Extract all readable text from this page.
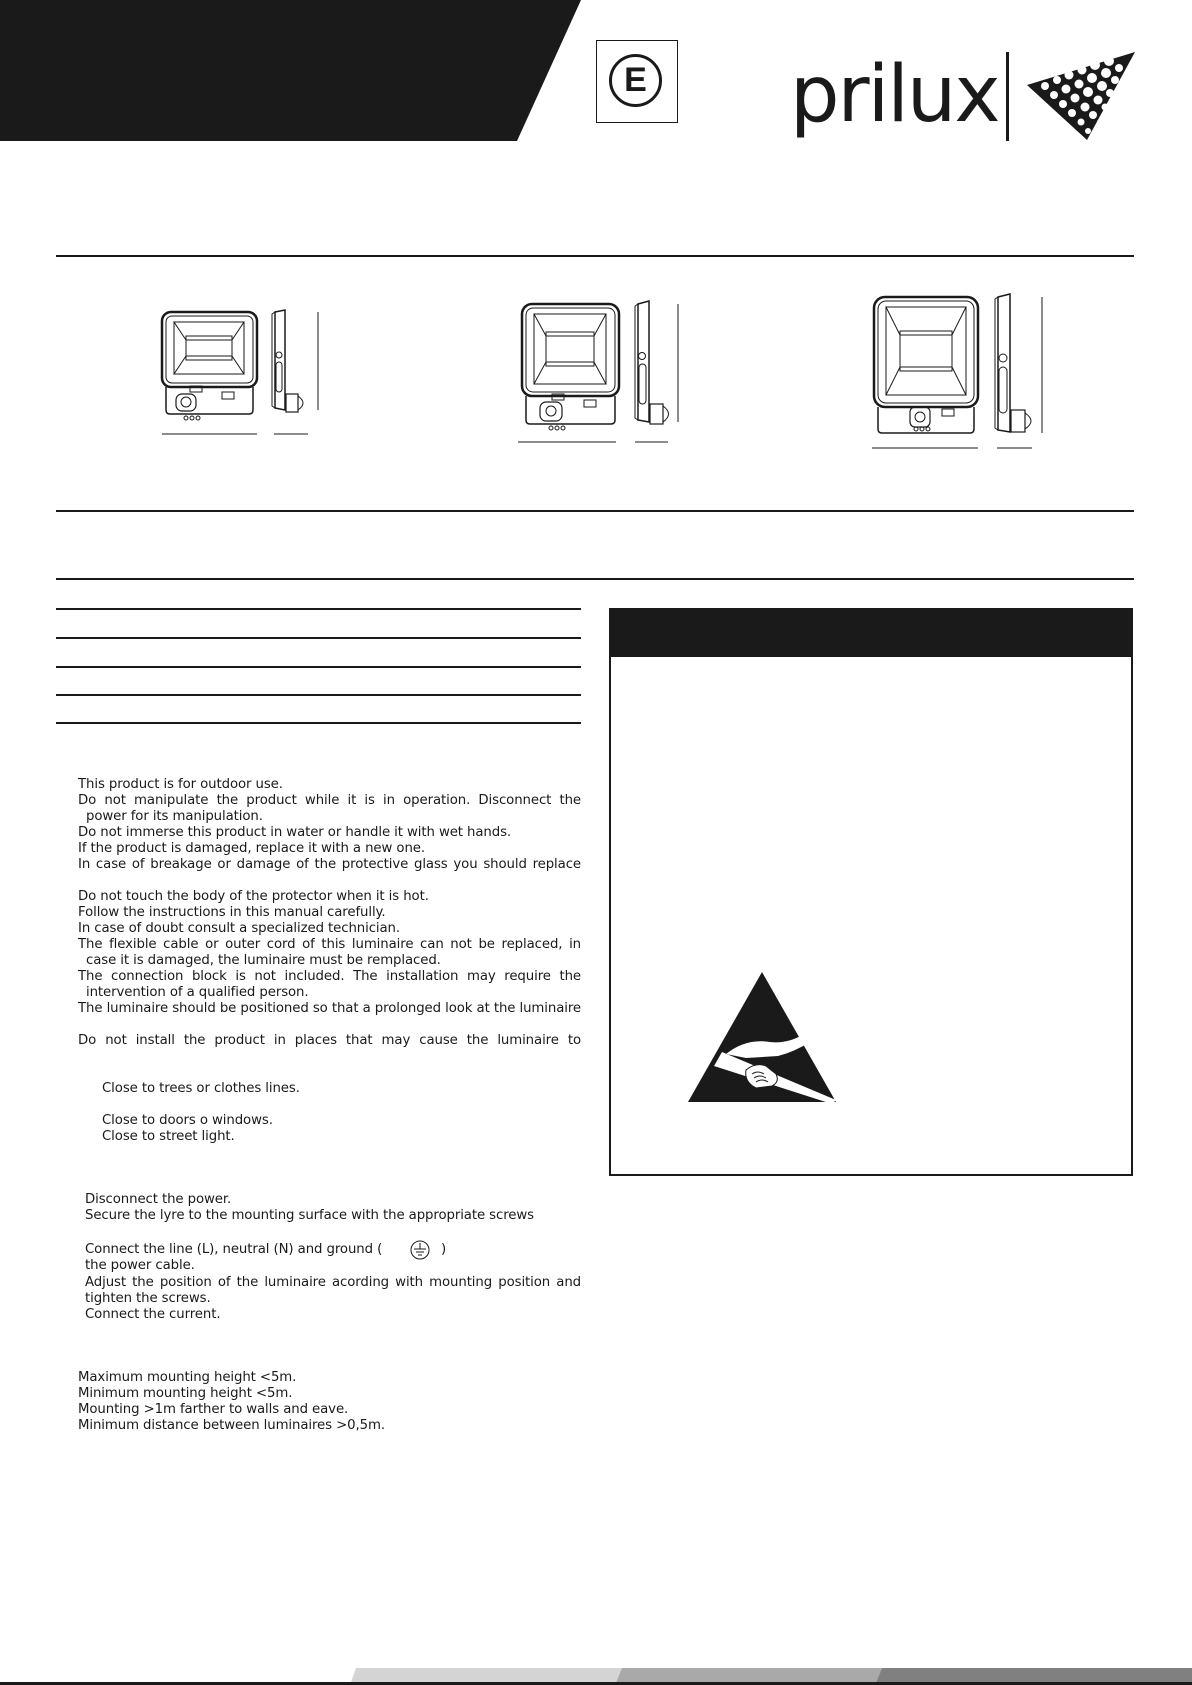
E prilux
This product is for outdoor use.
Do not manipulate the product while it is in operation. Disconnect the
power for its manipulation.
Do not immerse this product in water or handle it with wet hands.
If the product is damaged, replace it with a new one.
In case of breakage or damage of the protective glass you should replace
Do not touch the body of the protector when it is hot.
Follow the instructions in this manual carefully.
In case of doubt consult a specialized technician.
The flexible cable or outer cord of this luminaire can not be replaced, in
case it is damaged, the luminaire must be remplaced.
The connection block is not included. The installation may require the
intervention of a qualified person.
The luminaire should be positioned so that a prolonged look at the luminaire
Do not install the product in places that may cause the luminaire to
Close to trees or clothes lines.
Close to doors o windows.
Close to street light.
Disconnect the power.
Secure the lyre to the mounting surface with the appropriate screws
Connect the line (L), neutral (N) and ground (	)
the power cable.
Adjust the position of the luminaire acording with mounting position and
tighten the screws.
Connect the current.
Maximum mounting height <5m.
Minimum mounting height <5m.
Mounting >1m farther to walls and eave.
Minimum distance between luminaires >0,5m.
